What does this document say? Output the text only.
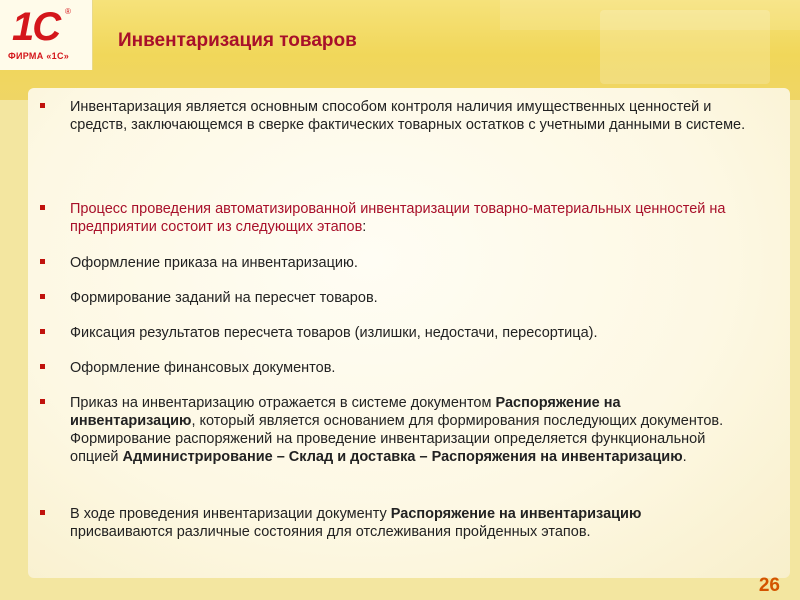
1С ®
ФИРМА «1С»
Инвентаризация товаров
Инвентаризация является основным способом контроля наличия имущественных ценностей и средств, заключающемся в сверке фактических товарных остатков с учетными данными в системе.
Процесс проведения автоматизированной инвентаризации товарно-материальных ценностей на предприятии состоит из следующих этапов:
Оформление приказа на инвентаризацию.
Формирование заданий на пересчет товаров.
Фиксация результатов пересчета товаров (излишки, недостачи, пересортица).
Оформление финансовых документов.
Приказ на инвентаризацию отражается в системе документом Распоряжение на инвентаризацию, который является основанием для формирования последующих документов. Формирование распоряжений на проведение инвентаризации определяется функциональной опцией Администрирование – Склад и доставка – Распоряжения на инвентаризацию.
В ходе проведения инвентаризации документу Распоряжение на инвентаризацию присваиваются различные состояния для отслеживания пройденных этапов.
26
